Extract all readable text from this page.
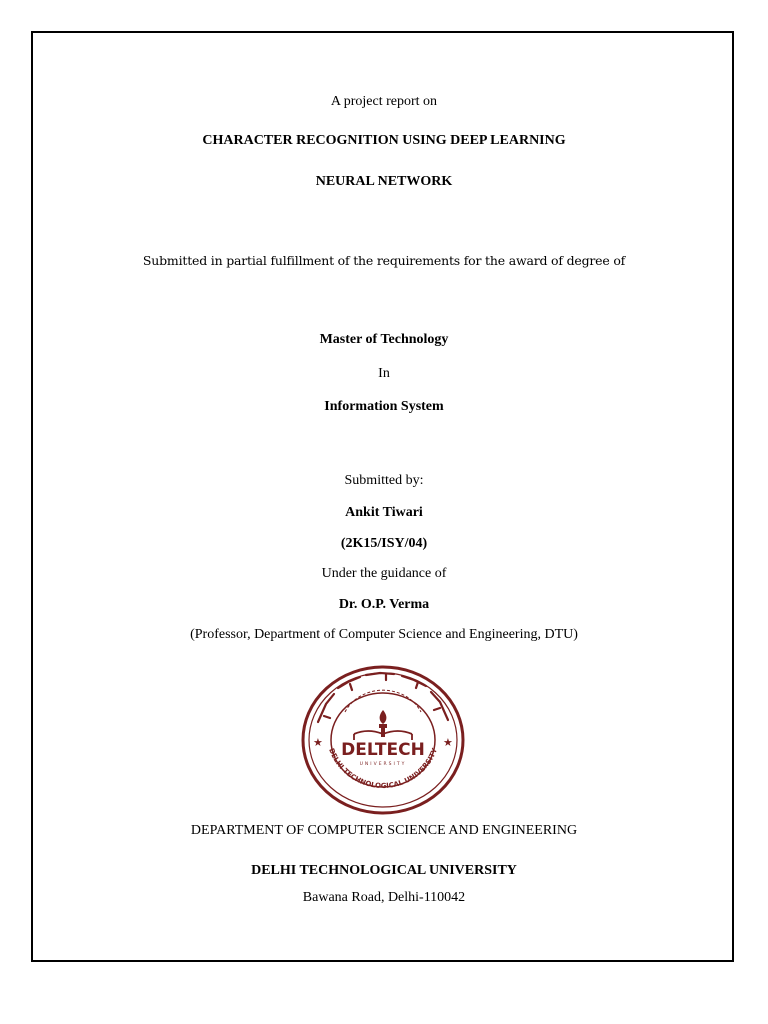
A project report on
CHARACTER RECOGNITION USING DEEP LEARNING
NEURAL NETWORK
Submitted in partial fulfillment of the requirements for the award of degree of
Master of Technology
In
Information System
Submitted by:
Ankit Tiwari
(2K15/ISY/04)
Under the guidance of
Dr. O.P. Verma
(Professor, Department of Computer Science and Engineering, DTU)
★	★
DELTECH
UNIVERSITY
DELHI TECHNOLOGICAL UNIVERSITY
DEPARTMENT OF COMPUTER SCIENCE AND ENGINEERING
DELHI TECHNOLOGICAL UNIVERSITY
Bawana Road, Delhi-110042
